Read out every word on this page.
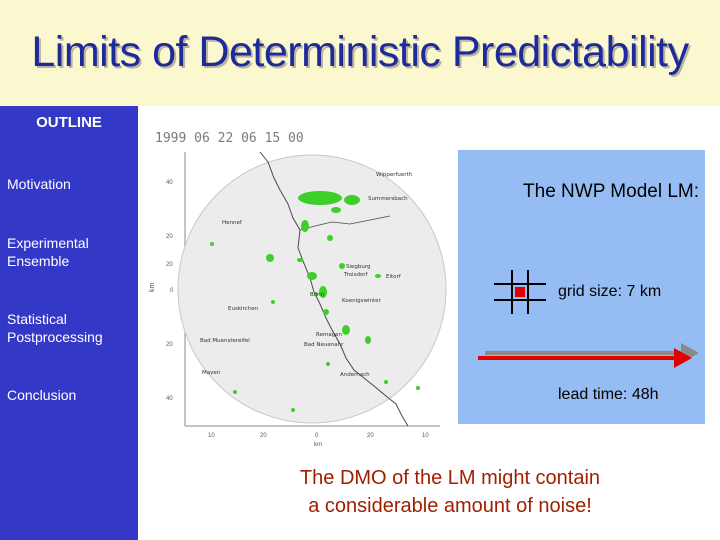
Limits of Deterministic Predictability
OUTLINE
Motivation
Experimental Ensemble
Statistical Postprocessing
Conclusion
1999 06 22 06 15 00
40
20
20
0
20
40
km
10	20	0	20	10
km
Wipperfuerth
Summersbach
Hennef
Euskirchen
Bonn
Remagen
Bad Muenstereifel
Bad Neuenahr
Andernach
Mayen
Koenigswinter
Siegburg
Troisdorf	Eitorf
The NWP Model LM:
grid size: 7 km
lead time: 48h
The DMO of the LM might contain
a considerable amount of noise!
